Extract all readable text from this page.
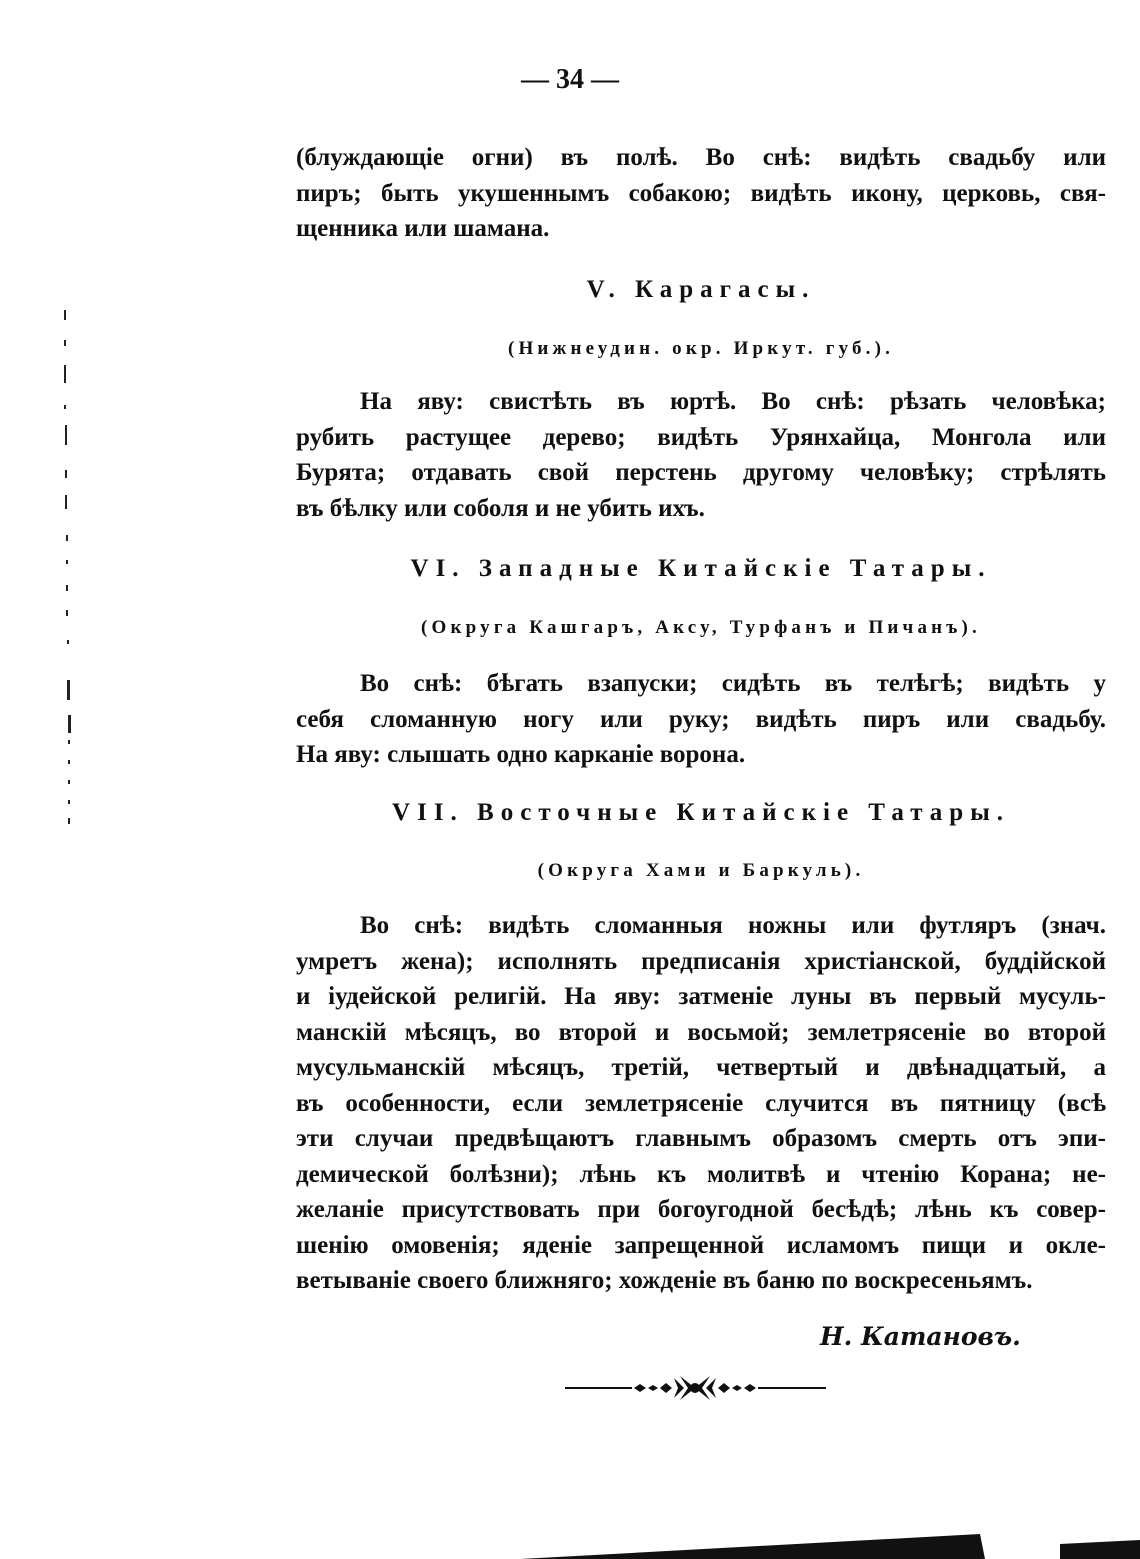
— 34 —
(блуждающіе огни) въ полѣ. Во снѣ: видѣть свадьбу или
пиръ; быть укушеннымъ собакою; видѣть икону, церковь, свя-
щенника или шамана.
V. Карагасы.
(Нижнеудин. окр. Иркут. губ.).
На яву: свистѣть въ юртѣ. Во снѣ: рѣзать человѣка;
рубить растущее дерево; видѣть Урянхайца, Монгола или
Бурята; отдавать свой перстень другому человѣку; стрѣлять
въ бѣлку или соболя и не убить ихъ.
VI. Западные Китайскіе Татары.
(Округа Кашгаръ, Аксу, Турфанъ и Пичанъ).
Во снѣ: бѣгать взапуски; сидѣть въ телѣгѣ; видѣть у
себя сломанную ногу или руку; видѣть пиръ или свадьбу.
На яву: слышать одно карканіе ворона.
VII. Восточные Китайскіе Татары.
(Округа Хами и Баркуль).
Во снѣ: видѣть сломанныя ножны или футляръ (знач.
умретъ жена); исполнять предписанія христіанской, буддійской
и іудейской религій. На яву: затменіе луны въ первый мусуль-
манскій мѣсяцъ, во второй и восьмой; землетрясеніе во второй
мусульманскій мѣсяцъ, третій, четвертый и двѣнадцатый, а
въ особенности, если землетрясеніе случится въ пятницу (всѣ
эти случаи предвѣщаютъ главнымъ образомъ смерть отъ эпи-
демической болѣзни); лѣнь къ молитвѣ и чтенію Корана; не-
желаніе присутствовать при богоугодной бесѣдѣ; лѣнь къ совер-
шенію омовенія; яденіе запрещенной исламомъ пищи и окле-
ветываніе своего ближняго; хожденіе въ баню по воскресеньямъ.
Н. Катановъ.
